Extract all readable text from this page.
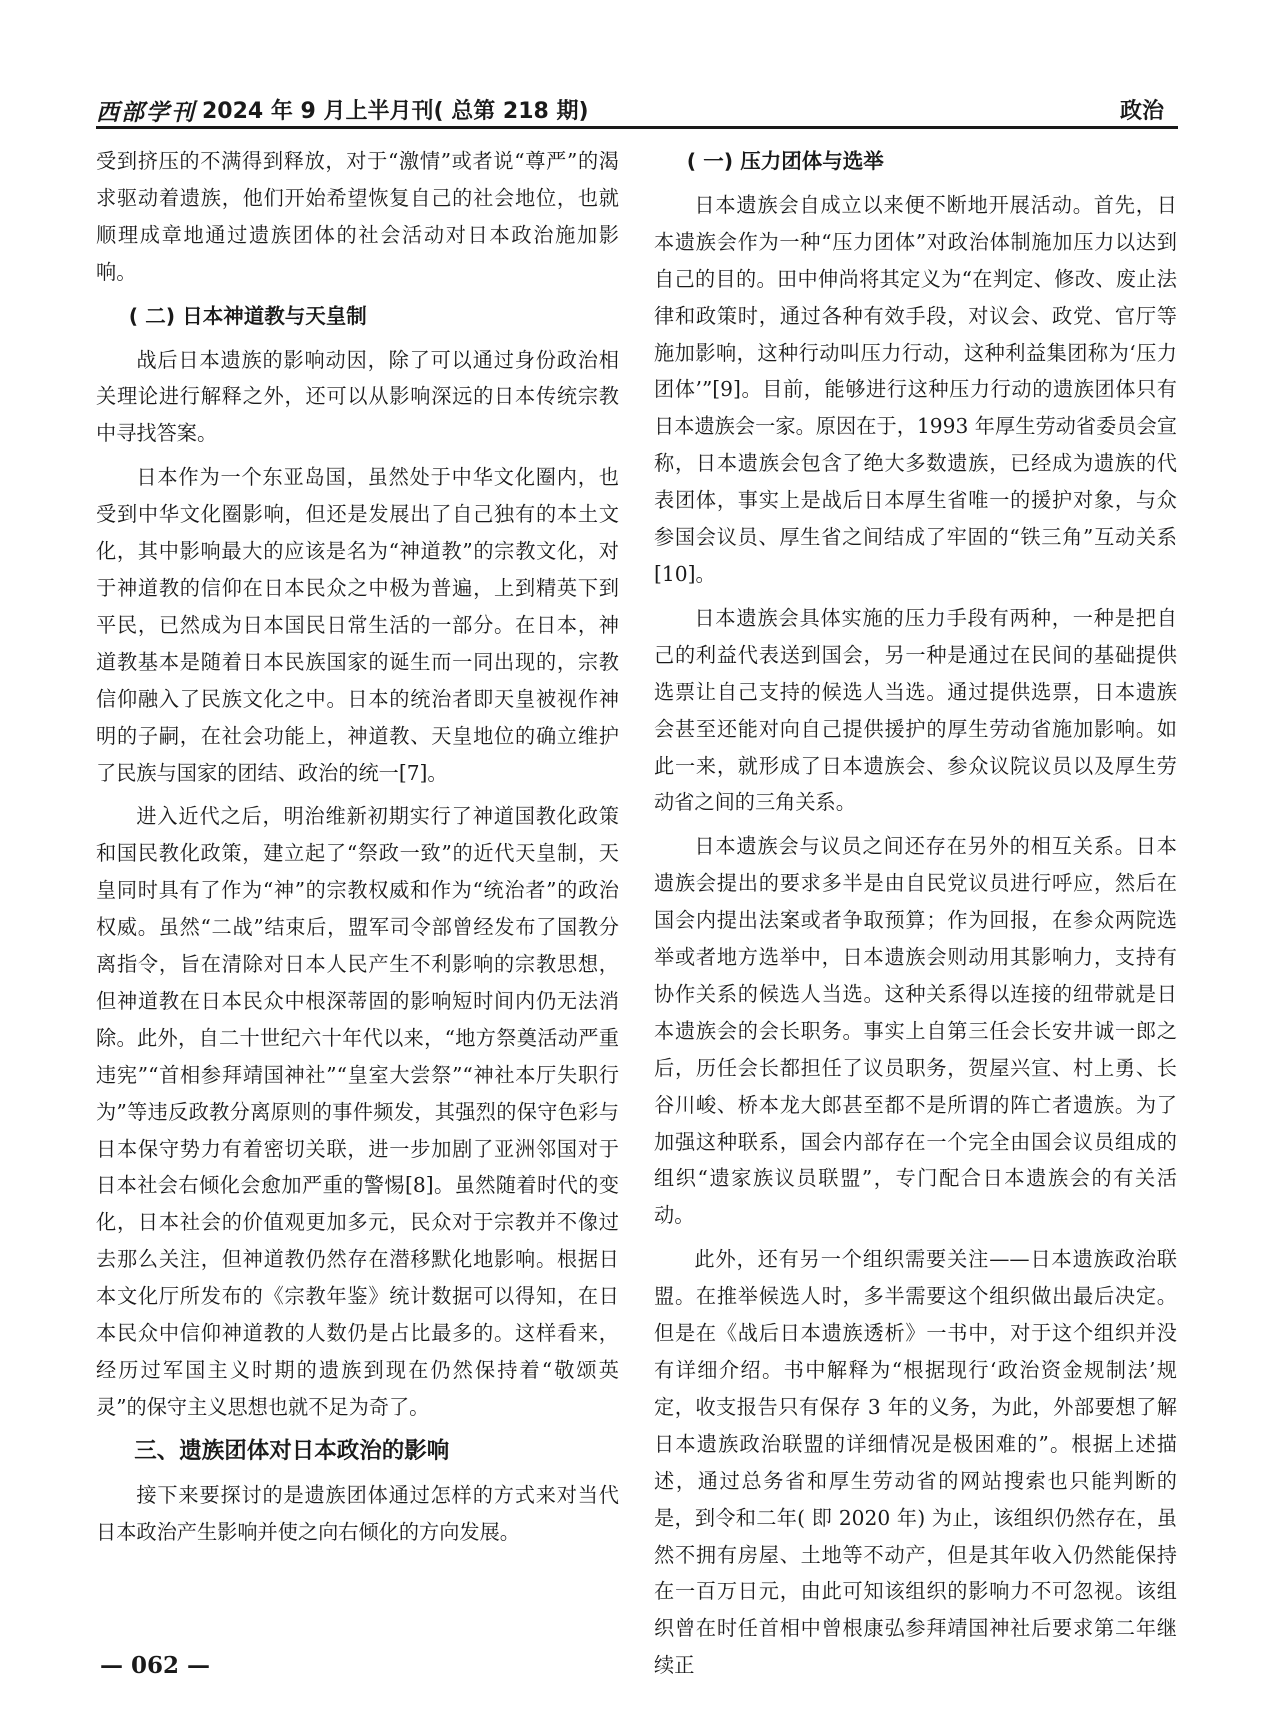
西部学刊 2024 年 9 月上半月刊( 总第 218 期)	政治

受到挤压的不满得到释放，对于“激情”或者说“尊严”的渴求驱动着遗族，他们开始希望恢复自己的社会地位，也就顺理成章地通过遗族团体的社会活动对日本政治施加影响。

( 二) 日本神道教与天皇制

战后日本遗族的影响动因，除了可以通过身份政治相关理论进行解释之外，还可以从影响深远的日本传统宗教中寻找答案。

日本作为一个东亚岛国，虽然处于中华文化圈内，也受到中华文化圈影响，但还是发展出了自己独有的本土文化，其中影响最大的应该是名为“神道教”的宗教文化，对于神道教的信仰在日本民众之中极为普遍，上到精英下到平民，已然成为日本国民日常生活的一部分。在日本，神道教基本是随着日本民族国家的诞生而一同出现的，宗教信仰融入了民族文化之中。日本的统治者即天皇被视作神明的子嗣，在社会功能上，神道教、天皇地位的确立维护了民族与国家的团结、政治的统一[7]。

进入近代之后，明治维新初期实行了神道国教化政策和国民教化政策，建立起了“祭政一致”的近代天皇制，天皇同时具有了作为“神”的宗教权威和作为“统治者”的政治权威。虽然“二战”结束后，盟军司令部曾经发布了国教分离指令，旨在清除对日本人民产生不利影响的宗教思想，但神道教在日本民众中根深蒂固的影响短时间内仍无法消除。此外，自二十世纪六十年代以来，“地方祭奠活动严重违宪”“首相参拜靖国神社”“皇室大尝祭”“神社本厅失职行为”等违反政教分离原则的事件频发，其强烈的保守色彩与日本保守势力有着密切关联，进一步加剧了亚洲邻国对于日本社会右倾化会愈加严重的警惕[8]。虽然随着时代的变化，日本社会的价值观更加多元，民众对于宗教并不像过去那么关注，但神道教仍然存在潜移默化地影响。根据日本文化厅所发布的《宗教年鉴》统计数据可以得知，在日本民众中信仰神道教的人数仍是占比最多的。这样看来，经历过军国主义时期的遗族到现在仍然保持着“敬颂英灵”的保守主义思想也就不足为奇了。

三、遗族团体对日本政治的影响

接下来要探讨的是遗族团体通过怎样的方式来对当代日本政治产生影响并使之向右倾化的方向发展。

( 一) 压力团体与选举

日本遗族会自成立以来便不断地开展活动。首先，日本遗族会作为一种“压力团体”对政治体制施加压力以达到自己的目的。田中伸尚将其定义为“在判定、修改、废止法律和政策时，通过各种有效手段，对议会、政党、官厅等施加影响，这种行动叫压力行动，这种利益集团称为‘压力团体’”[9]。目前，能够进行这种压力行动的遗族团体只有日本遗族会一家。原因在于，1993 年厚生劳动省委员会宣称，日本遗族会包含了绝大多数遗族，已经成为遗族的代表团体，事实上是战后日本厚生省唯一的援护对象，与众参国会议员、厚生省之间结成了牢固的“铁三角”互动关系[10]。

日本遗族会具体实施的压力手段有两种，一种是把自己的利益代表送到国会，另一种是通过在民间的基础提供选票让自己支持的候选人当选。通过提供选票，日本遗族会甚至还能对向自己提供援护的厚生劳动省施加影响。如此一来，就形成了日本遗族会、参众议院议员以及厚生劳动省之间的三角关系。

日本遗族会与议员之间还存在另外的相互关系。日本遗族会提出的要求多半是由自民党议员进行呼应，然后在国会内提出法案或者争取预算；作为回报，在参众两院选举或者地方选举中，日本遗族会则动用其影响力，支持有协作关系的候选人当选。这种关系得以连接的纽带就是日本遗族会的会长职务。事实上自第三任会长安井诚一郎之后，历任会长都担任了议员职务，贺屋兴宣、村上勇、长谷川峻、桥本龙大郎甚至都不是所谓的阵亡者遗族。为了加强这种联系，国会内部存在一个完全由国会议员组成的组织“遗家族议员联盟”，专门配合日本遗族会的有关活动。

此外，还有另一个组织需要关注——日本遗族政治联盟。在推举候选人时，多半需要这个组织做出最后决定。但是在《战后日本遗族透析》一书中，对于这个组织并没有详细介绍。书中解释为“根据现行‘政治资金规制法’规定，收支报告只有保存 3 年的义务，为此，外部要想了解日本遗族政治联盟的详细情况是极困难的”。根据上述描述，通过总务省和厚生劳动省的网站搜索也只能判断的是，到令和二年( 即 2020 年) 为止，该组织仍然存在，虽然不拥有房屋、土地等不动产，但是其年收入仍然能保持在一百万日元，由此可知该组织的影响力不可忽视。该组织曾在时任首相中曾根康弘参拜靖国神社后要求第二年继续正

— 062 —
